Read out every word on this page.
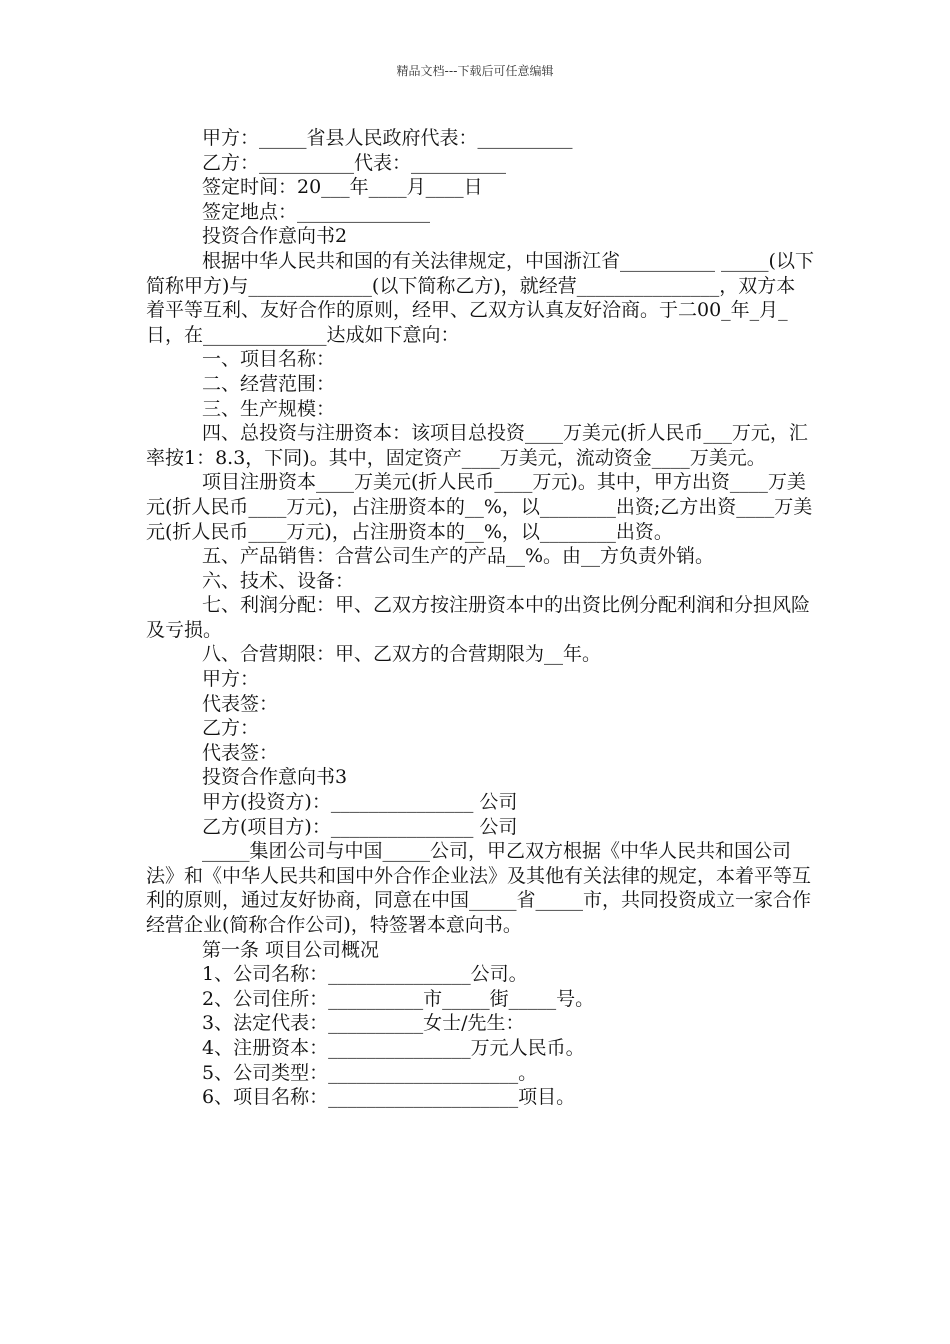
精品文档---下载后可任意编辑

甲方：_____省县人民政府代表：__________

乙方：__________代表：__________

签定时间：20___年____月____日

签定地点：______________

投资合作意向书2

根据中华人民共和国的有关法律规定，中国浙江省__________ _____(以下简称甲方)与_____________(以下简称乙方)，就经营_______________，双方本着平等互利、友好合作的原则，经甲、乙双方认真友好洽商。于二00_年_月_日，在_____________达成如下意向：

一、项目名称：

二、经营范围：

三、生产规模：

四、总投资与注册资本：该项目总投资____万美元(折人民币___万元，汇率按1：8.3，下同)。其中，固定资产____万美元，流动资金____万美元。

项目注册资本____万美元(折人民币____万元)。其中，甲方出资____万美元(折人民币____万元)，占注册资本的__%，以________出资;乙方出资____万美元(折人民币____万元)，占注册资本的__%，以________出资。

五、产品销售：合营公司生产的产品__%。由__方负责外销。

六、技术、设备：

七、利润分配：甲、乙双方按注册资本中的出资比例分配利润和分担风险及亏损。

八、合营期限：甲、乙双方的合营期限为__年。

甲方：

代表签：

乙方：

代表签：

投资合作意向书3

甲方(投资方)：_______________ 公司

乙方(项目方)：_______________ 公司

_____集团公司与中国_____公司，甲乙双方根据《中华人民共和国公司法》和《中华人民共和国中外合作企业法》及其他有关法律的规定，本着平等互利的原则，通过友好协商，同意在中国_____省_____市，共同投资成立一家合作经营企业(简称合作公司)，特签署本意向书。

第一条 项目公司概况

1、公司名称：_______________公司。

2、公司住所：__________市_____街_____号。

3、法定代表：__________女士/先生：

4、注册资本：_______________万元人民币。

5、公司类型：____________________。

6、项目名称：____________________项目。
